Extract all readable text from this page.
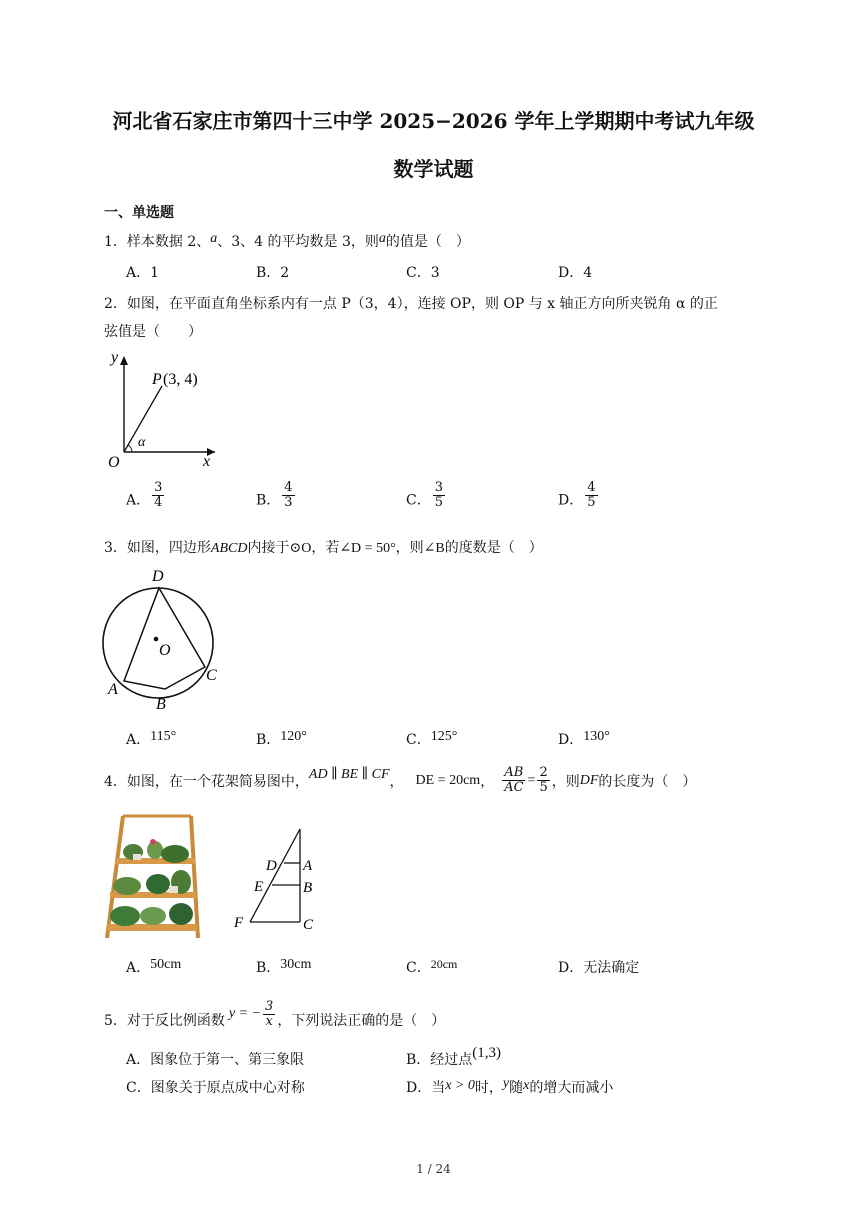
河北省石家庄市第四十三中学 2025−2026 学年上学期期中考试九年级
数学试题
一、单选题
1．样本数据 2、a、3、4 的平均数是 3，则a的值是（　）
A．1	B．2	C．3	D．4
2．如图，在平面直角坐标系内有一点 P（3，4），连接 OP，则 OP 与 x 轴正方向所夹锐角 α 的正
弦值是（　　）
y
x
O
P (3, 4)
α
A． $\frac{3}{4}$	B． $\frac{4}{3}$	C． $\frac{3}{5}$	D． $\frac{4}{5}$
3．如图，四边形ABCD内接于⊙O，若∠D = 50°，则∠B的度数是（　）
D
O
A
B
C
A．115°	B．120°	C．125°	D．130°
4．如图，在一个花架简易图中， AD ∥ BE ∥ CF ， DE = 20cm ， $\frac{AB}{AC} = \frac{2}{5}$ ，则 DF 的长度为（　）
D A
E	B
F	C
A．50cm	B．30cm	C．20cm	D．无法确定
5．对于反比例函数 y = − $\frac{3}{x}$ ，下列说法正确的是（　）
A．图象位于第一、第三象限	B．经过点(1,3)
C．图象关于原点成中心对称	D．当x > 0时，y随x的增大而减小
1 / 24
